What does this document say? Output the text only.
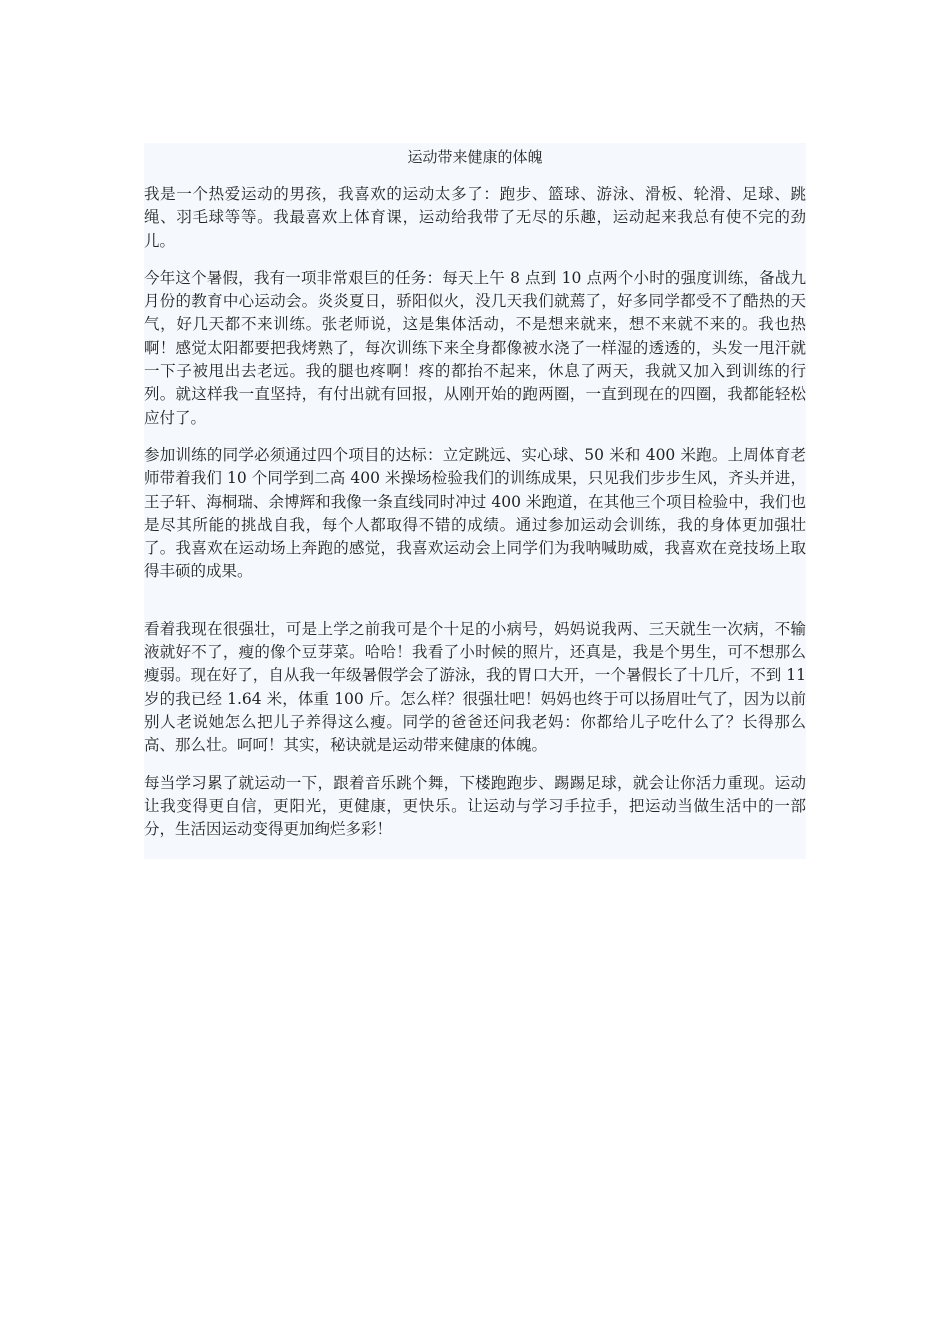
运动带来健康的体魄

我是一个热爱运动的男孩，我喜欢的运动太多了：跑步、篮球、游泳、滑板、轮滑、足球、跳绳、羽毛球等等。我最喜欢上体育课，运动给我带了无尽的乐趣，运动起来我总有使不完的劲儿。

今年这个暑假，我有一项非常艰巨的任务：每天上午 8 点到 10 点两个小时的强度训练，备战九月份的教育中心运动会。炎炎夏日，骄阳似火，没几天我们就蔫了，好多同学都受不了酷热的天气，好几天都不来训练。张老师说，这是集体活动，不是想来就来，想不来就不来的。我也热啊！感觉太阳都要把我烤熟了，每次训练下来全身都像被水浇了一样湿的透透的，头发一甩汗就一下子被甩出去老远。我的腿也疼啊！疼的都抬不起来，休息了两天，我就又加入到训练的行列。就这样我一直坚持，有付出就有回报，从刚开始的跑两圈，一直到现在的四圈，我都能轻松应付了。

参加训练的同学必须通过四个项目的达标：立定跳远、实心球、50 米和 400 米跑。上周体育老师带着我们 10 个同学到二高 400 米操场检验我们的训练成果，只见我们步步生风，齐头并进，王子轩、海桐瑞、余博辉和我像一条直线同时冲过 400 米跑道，在其他三个项目检验中，我们也是尽其所能的挑战自我，每个人都取得不错的成绩。通过参加运动会训练，我的身体更加强壮了。我喜欢在运动场上奔跑的感觉，我喜欢运动会上同学们为我呐喊助威，我喜欢在竞技场上取得丰硕的成果。

看着我现在很强壮，可是上学之前我可是个十足的小病号，妈妈说我两、三天就生一次病，不输液就好不了，瘦的像个豆芽菜。哈哈！我看了小时候的照片，还真是，我是个男生，可不想那么瘦弱。现在好了，自从我一年级暑假学会了游泳，我的胃口大开，一个暑假长了十几斤，不到 11 岁的我已经 1.64 米，体重 100 斤。怎么样？很强壮吧！妈妈也终于可以扬眉吐气了，因为以前别人老说她怎么把儿子养得这么瘦。同学的爸爸还问我老妈：你都给儿子吃什么了？长得那么高、那么壮。呵呵！其实，秘诀就是运动带来健康的体魄。

每当学习累了就运动一下，跟着音乐跳个舞，下楼跑跑步、踢踢足球，就会让你活力重现。运动让我变得更自信，更阳光，更健康，更快乐。让运动与学习手拉手，把运动当做生活中的一部分，生活因运动变得更加绚烂多彩！
